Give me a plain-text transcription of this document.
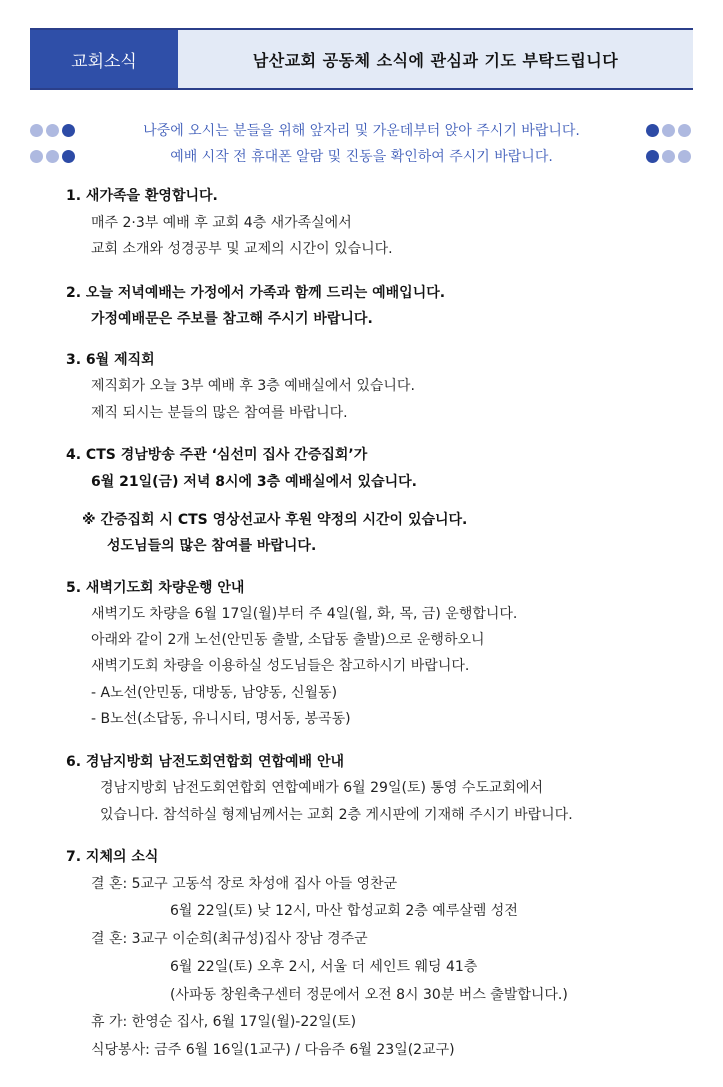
교회소식	남산교회 공동체 소식에 관심과 기도 부탁드립니다
나중에 오시는 분들을 위해 앞자리 및 가운데부터 앉아 주시기 바랍니다.
예배 시작 전 휴대폰 알람 및 진동을 확인하여 주시기 바랍니다.
1. 새가족을 환영합니다.
매주 2·3부 예배 후 교회 4층 새가족실에서
교회 소개와 성경공부 및 교제의 시간이 있습니다.
2. 오늘 저녁예배는 가정에서 가족과 함께 드리는 예배입니다.
가정예배문은 주보를 참고해 주시기 바랍니다.
3. 6월 제직회
제직회가 오늘 3부 예배 후 3층 예배실에서 있습니다.
제직 되시는 분들의 많은 참여를 바랍니다.
4. CTS 경남방송 주관 ‘심선미 집사 간증집회’가
6월 21일(금) 저녁 8시에 3층 예배실에서 있습니다.
※ 간증집회 시 CTS 영상선교사 후원 약정의 시간이 있습니다.
성도님들의 많은 참여를 바랍니다.
5. 새벽기도회 차량운행 안내
새벽기도 차량을 6월 17일(월)부터 주 4일(월, 화, 목, 금) 운행합니다.
아래와 같이 2개 노선(안민동 출발, 소답동 출발)으로 운행하오니
새벽기도회 차량을 이용하실 성도님들은 참고하시기 바랍니다.
- A노선(안민동, 대방동, 남양동, 신월동)
- B노선(소답동, 유니시티, 명서동, 봉곡동)
6. 경남지방회 남전도회연합회 연합예배 안내
경남지방회 남전도회연합회 연합예배가 6월 29일(토) 통영 수도교회에서
있습니다. 참석하실 형제님께서는 교회 2층 게시판에 기재해 주시기 바랍니다.
7. 지체의 소식
결 혼: 5교구 고동석 장로 차성애 집사 아들 영찬군
6월 22일(토) 낮 12시, 마산 합성교회 2층 예루살렘 성전
결 혼: 3교구 이순희(최규성)집사 장남 경주군
6월 22일(토) 오후 2시, 서울 더 세인트 웨딩 41층
(사파동 창원축구센터 정문에서 오전 8시 30분 버스 출발합니다.)
휴 가: 한영순 집사, 6월 17일(월)-22일(토)
식당봉사: 금주 6월 16일(1교구) / 다음주 6월 23일(2교구)
